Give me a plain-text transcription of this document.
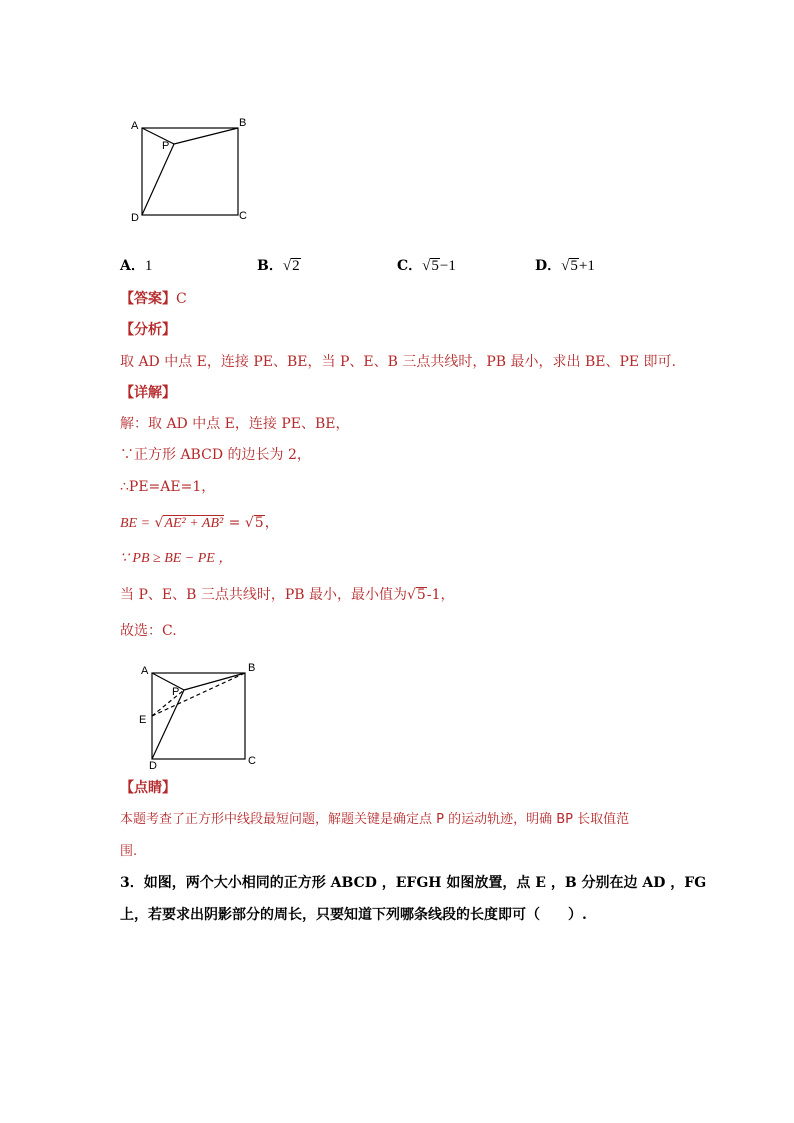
A	B
C
D
P
A．1	B．√2	C．√5−1	D．√5+1
【答案】C
【分析】
取 AD 中点 E，连接 PE、BE，当 P、E、B 三点共线时，PB 最小，求出 BE、PE 即可.
【详解】
解：取 AD 中点 E，连接 PE、BE，
∵正方形 ABCD 的边长为 2，
∴PE=AE=1，
BE = √AE² + AB² = √5，
∵ PB ≥ BE − PE ，
当 P、E、B 三点共线时，PB 最小，最小值为√5-1，
故选：C.
A	B
C
D
P
E
【点睛】
本题考查了正方形中线段最短问题，解题关键是确定点 P 的运动轨迹，明确 BP 长取值范
围.
3．如图，两个大小相同的正方形 ABCD ，EFGH 如图放置，点 E ，B 分别在边 AD ，FG
上，若要求出阴影部分的周长，只要知道下列哪条线段的长度即可（　　）.
